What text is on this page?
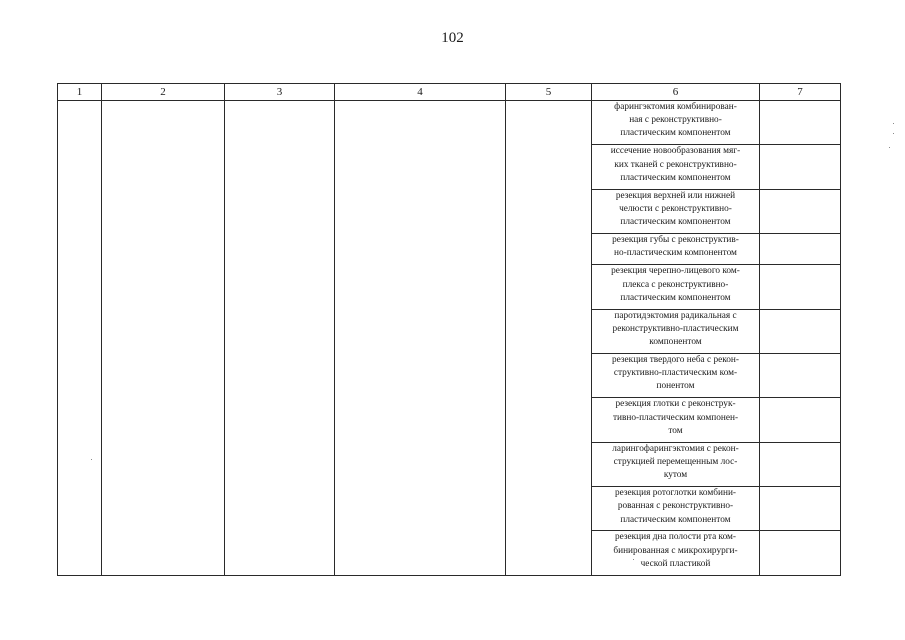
102
1	2	3	4	5	6	7
					фарингэктомия комбинирован-
ная с реконструктивно-
пластическим компонентом	
					иссечение новообразования мяг-
ких тканей с реконструктивно-
пластическим компонентом	
					резекция верхней или нижней
челюсти с реконструктивно-
пластическим компонентом	
					резекция губы с реконструктив-
но-пластическим компонентом	
					резекция черепно-лицевого ком-
плекса с реконструктивно-
пластическим компонентом	
					паротидэктомия радикальная с
реконструктивно-пластическим
компонентом	
					резекция твердого неба с рекон-
структивно-пластическим ком-
понентом	
					резекция глотки с реконструк-
тивно-пластическим компонен-
том	
					ларингофарингэктомия с рекон-
струкцией перемещенным лос-
кутом	
					резекция ротоглотки комбини-
рованная с реконструктивно-
пластическим компонентом	
					резекция дна полости рта ком-
бинированная с микрохирурги-
ческой пластикой	
